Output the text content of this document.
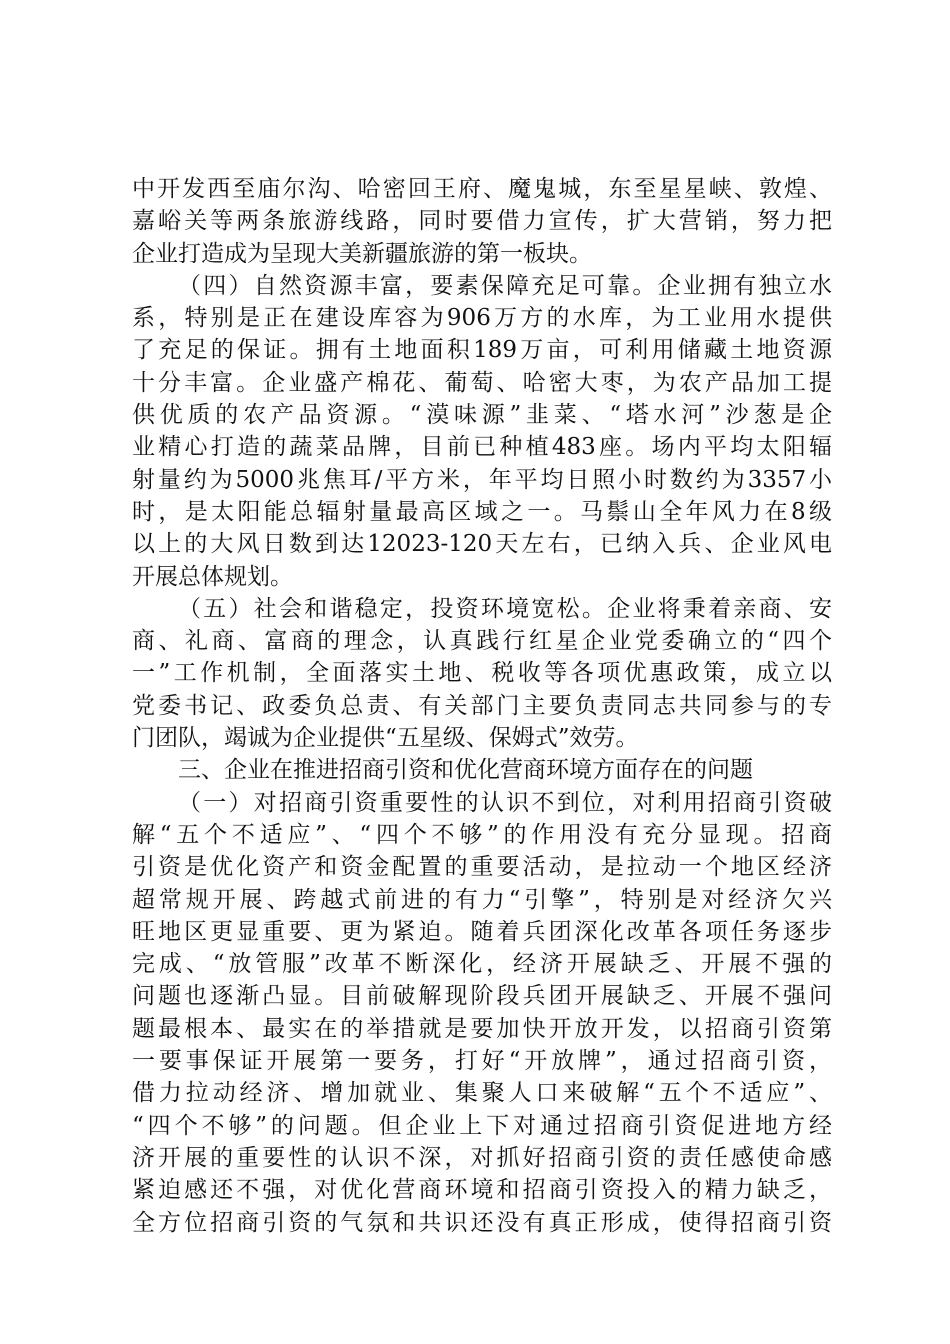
中开发西至庙尔沟、哈密回王府、魔鬼城，东至星星峡、敦煌、
嘉峪关等两条旅游线路，同时要借力宣传，扩大营销，努力把
企业打造成为呈现大美新疆旅游的第一板块。
（四）自然资源丰富，要素保障充足可靠。企业拥有独立水
系，特别是正在建设库容为906万方的水库，为工业用水提供
了充足的保证。拥有土地面积189万亩，可利用储藏土地资源
十分丰富。企业盛产棉花、葡萄、哈密大枣，为农产品加工提
供优质的农产品资源。“漠味源”韭菜、“塔水河”沙葱是企
业精心打造的蔬菜品牌，目前已种植483座。场内平均太阳辐
射量约为5000兆焦耳/平方米，年平均日照小时数约为3357小
时，是太阳能总辐射量最高区域之一。马鬃山全年风力在8级
以上的大风日数到达12023-120天左右，已纳入兵、企业风电
开展总体规划。
（五）社会和谐稳定，投资环境宽松。企业将秉着亲商、安
商、礼商、富商的理念，认真践行红星企业党委确立的“四个
一”工作机制，全面落实土地、税收等各项优惠政策，成立以
党委书记、政委负总责、有关部门主要负责同志共同参与的专
门团队，竭诚为企业提供“五星级、保姆式”效劳。
三、企业在推进招商引资和优化营商环境方面存在的问题
（一）对招商引资重要性的认识不到位，对利用招商引资破
解“五个不适应”、“四个不够”的作用没有充分显现。招商
引资是优化资产和资金配置的重要活动，是拉动一个地区经济
超常规开展、跨越式前进的有力“引擎”，特别是对经济欠兴
旺地区更显重要、更为紧迫。随着兵团深化改革各项任务逐步
完成、“放管服”改革不断深化，经济开展缺乏、开展不强的
问题也逐渐凸显。目前破解现阶段兵团开展缺乏、开展不强问
题最根本、最实在的举措就是要加快开放开发，以招商引资第
一要事保证开展第一要务，打好“开放牌”，通过招商引资，
借力拉动经济、增加就业、集聚人口来破解“五个不适应”、
“四个不够”的问题。但企业上下对通过招商引资促进地方经
济开展的重要性的认识不深，对抓好招商引资的责任感使命感
紧迫感还不强，对优化营商环境和招商引资投入的精力缺乏，
全方位招商引资的气氛和共识还没有真正形成，使得招商引资
